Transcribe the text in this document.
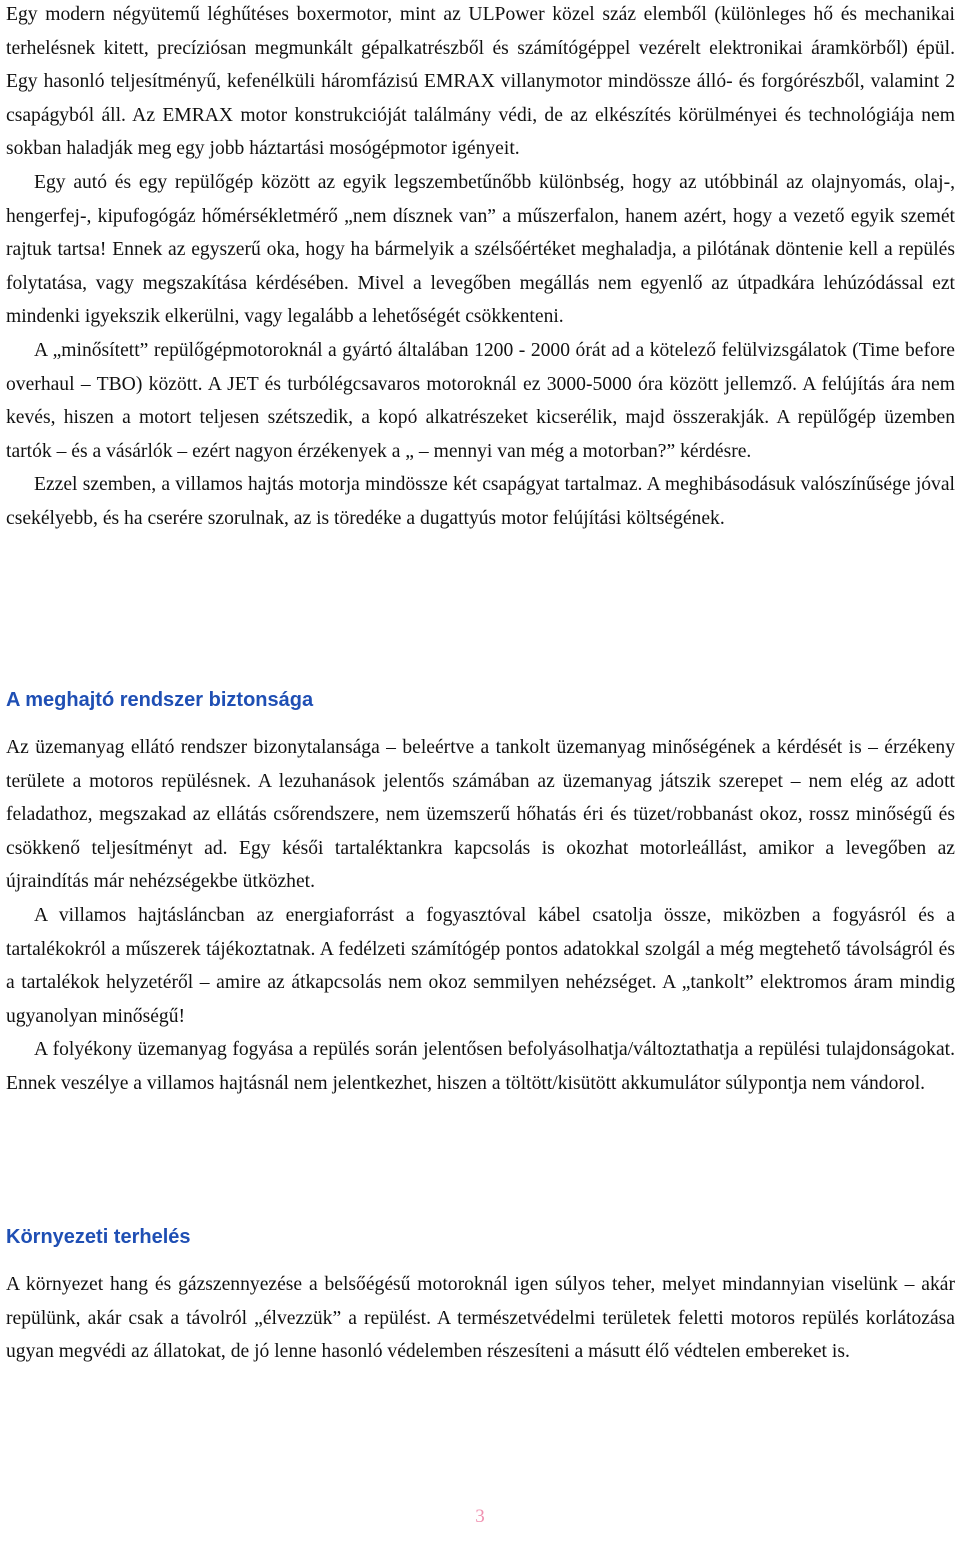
Egy modern négyütemű léghűtéses boxermotor, mint az ULPower közel száz elemből (különleges hő és mechanikai terhelésnek kitett, precíziósan megmunkált gépalkatrészből és számítógéppel vezérelt elektronikai áramkörből) épül. Egy hasonló teljesítményű, kefenélküli háromfázisú EMRAX villanymotor mindössze álló- és forgórészből, valamint 2 csapágyból áll. Az EMRAX motor konstrukcióját találmány védi, de az elkészítés körülményei és technológiája nem sokban haladják meg egy jobb háztartási mosógépmotor igényeit.

Egy autó és egy repülőgép között az egyik legszembetűnőbb különbség, hogy az utóbbinál az olajnyomás, olaj-, hengerfej-, kipufogógáz hőmérsékletmérő „nem dísznek van” a műszerfalon, hanem azért, hogy a vezető egyik szemét rajtuk tartsa! Ennek az egyszerű oka, hogy ha bármelyik a szélsőértéket meghaladja, a pilótának döntenie kell a repülés folytatása, vagy megszakítása kérdésében. Mivel a levegőben megállás nem egyenlő az útpadkára lehúzódással ezt mindenki igyekszik elkerülni, vagy legalább a lehetőségét csökkenteni.

A „minősített” repülőgépmotoroknál a gyártó általában 1200 - 2000 órát ad a kötelező felülvizsgálatok (Time before overhaul – TBO) között. A JET és turbólégcsavaros motoroknál ez 3000-5000 óra között jellemző. A felújítás ára nem kevés, hiszen a motort teljesen szétszedik, a kopó alkatrészeket kicserélik, majd összerakják. A repülőgép üzemben tartók – és a vásárlók – ezért nagyon érzékenyek a „ – mennyi van még a motorban?” kérdésre.

Ezzel szemben, a villamos hajtás motorja mindössze két csapágyat tartalmaz. A meghibásodásuk valószínűsége jóval csekélyebb, és ha cserére szorulnak, az is töredéke a dugattyús motor felújítási költségének.

A meghajtó rendszer biztonsága

Az üzemanyag ellátó rendszer bizonytalansága – beleértve a tankolt üzemanyag minőségének a kérdését is – érzékeny területe a motoros repülésnek. A lezuhanások jelentős számában az üzemanyag játszik szerepet – nem elég az adott feladathoz, megszakad az ellátás csőrendszere, nem üzemszerű hőhatás éri és tüzet/robbanást okoz, rossz minőségű és csökkenő teljesítményt ad. Egy késői tartaléktankra kapcsolás is okozhat motorleállást, amikor a levegőben az újraindítás már nehézségekbe ütközhet.

A villamos hajtásláncban az energiaforrást a fogyasztóval kábel csatolja össze, miközben a fogyásról és a tartalékokról a műszerek tájékoztatnak. A fedélzeti számítógép pontos adatokkal szolgál a még megtehető távolságról és a tartalékok helyzetéről – amire az átkapcsolás nem okoz semmilyen nehézséget. A „tankolt” elektromos áram mindig ugyanolyan minőségű!

A folyékony üzemanyag fogyása a repülés során jelentősen befolyásolhatja/változtathatja a repülési tulajdonságokat. Ennek veszélye a villamos hajtásnál nem jelentkezhet, hiszen a töltött/kisütött akkumulátor súlypontja nem vándorol.

Környezeti terhelés

A környezet hang és gázszennyezése a belsőégésű motoroknál igen súlyos teher, melyet mindannyian viselünk – akár repülünk, akár csak a távolról „élvezzük” a repülést. A természetvédelmi területek feletti motoros repülés korlátozása ugyan megvédi az állatokat, de jó lenne hasonló védelemben részesíteni a másutt élő védtelen embereket is.

3
